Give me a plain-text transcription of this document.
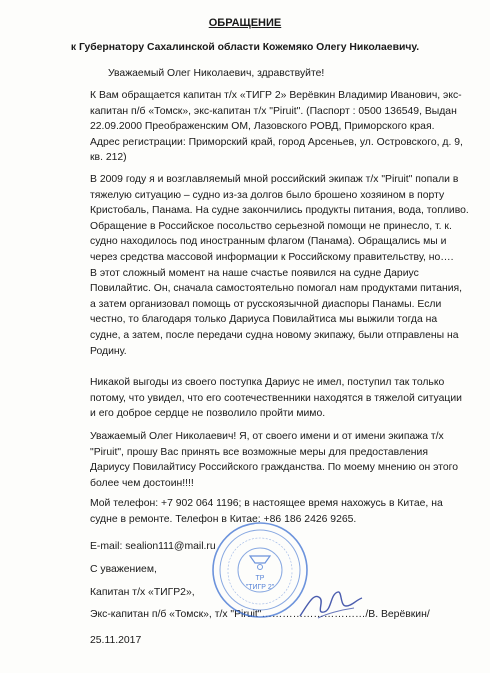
ОБРАЩЕНИЕ
к Губернатору Сахалинской области Кожемяко Олегу Николаевичу.
Уважаемый Олег Николаевич, здравствуйте!
К Вам обращается капитан т/х «ТИГР 2» Верёвкин Владимир Иванович, экс-
капитан п/б «Томск», экс-капитан т/х "Piruit". (Паспорт : 0500 136549, Выдан
22.09.2000 Преображенским ОМ, Лазовского РОВД, Приморского края.
Адрес регистрации: Приморский край, город Арсеньев, ул. Островского, д. 9,
кв. 212)
В 2009 году я и возглавляемый мной российский экипаж т/х "Piruit" попали в
тяжелую ситуацию – судно из-за долгов было брошено хозяином в порту
Кристобаль, Панама. На судне закончились продукты питания, вода, топливо.
Обращение в Российское посольство серьезной помощи не принесло, т. к.
судно находилось под иностранным флагом (Панама). Обращались мы и
через средства массовой информации к Российскому правительству, но….
В этот сложный момент на наше счастье появился на судне Дариус
Повилайтис. Он, сначала самостоятельно помогал нам продуктами питания,
а затем организовал помощь от русскоязычной диаспоры Панамы. Если
честно, то благодаря только Дариуса Повилайтиса мы выжили тогда на
судне, а затем, после передачи судна новому экипажу, были отправлены на
Родину.
Никакой выгоды из своего поступка Дариус не имел, поступил так только
потому, что увидел, что его соотечественники находятся в тяжелой ситуации
и его доброе сердце не позволило пройти мимо.
Уважаемый Олег Николаевич! Я, от своего имени и от имени экипажа т/х
"Piruit", прошу Вас принять все возможные меры для предоставления
Дариусу Повилайтису Российского гражданства. По моему мнению он этого
более чем достоин!!!!
Мой телефон: +7 902 064 1196; в настоящее время нахожусь в Китае, на
судне в ремонте. Телефон в Китае: +86 186 2426 9265.
E-mail: sealion111@mail.ru
С уважением,
Капитан т/х «ТИГР2»,
Экс-капитан п/б «Томск», т/х "Piruit"…………………………/В. Верёвкин/
25.11.2017
ТР
"ТИГР 2"
